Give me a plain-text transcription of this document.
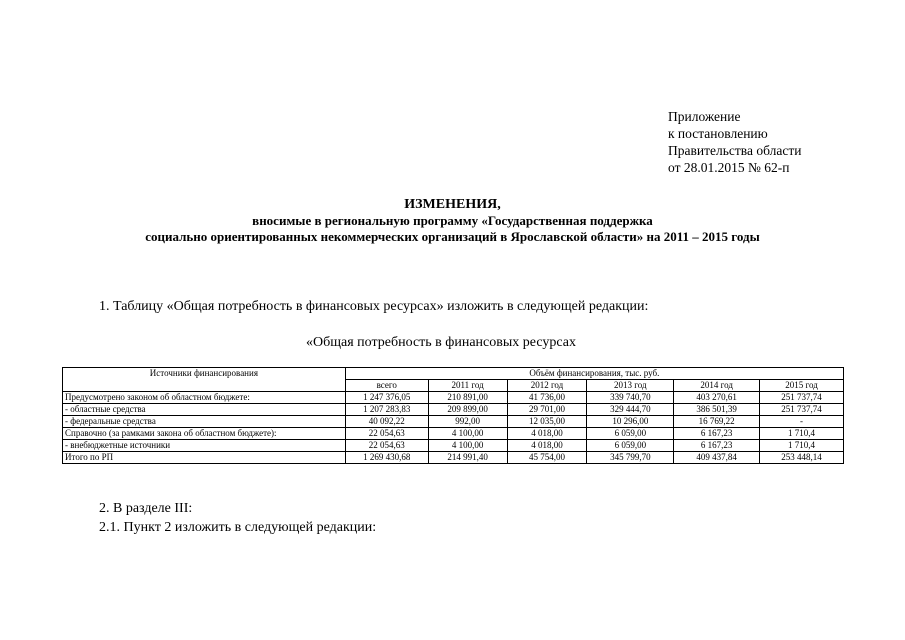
Приложение
к постановлению
Правительства области
от 28.01.2015 № 62-п
ИЗМЕНЕНИЯ,
вносимые в региональную программу «Государственная поддержка
социально ориентированных некоммерческих организаций в Ярославской области» на 2011 – 2015 годы
1. Таблицу «Общая потребность в финансовых ресурсах» изложить в следующей редакции:
«Общая потребность в финансовых ресурсах
Источники финансирования	Объём финансирования, тыс. руб.					
	всего	2011 год	2012 год	2013 год	2014 год	2015 год
Предусмотрено законом об областном бюджете:	1 247 376,05	210 891,00	41 736,00	339 740,70	403 270,61	251 737,74
- областные средства	1 207 283,83	209 899,00	29 701,00	329 444,70	386 501,39	251 737,74
- федеральные средства	40 092,22	992,00	12 035,00	10 296,00	16 769,22	-
Справочно (за рамками закона об областном бюджете):	22 054,63	4 100,00	4 018,00	6 059,00	6 167,23	1 710,4
- внебюджетные источники	22 054,63	4 100,00	4 018,00	6 059,00	6 167,23	1 710,4
Итого по РП	1 269 430,68	214 991,40	45 754,00	345 799,70	409 437,84	253 448,14
2. В разделе III:
2.1. Пункт 2 изложить в следующей редакции:
